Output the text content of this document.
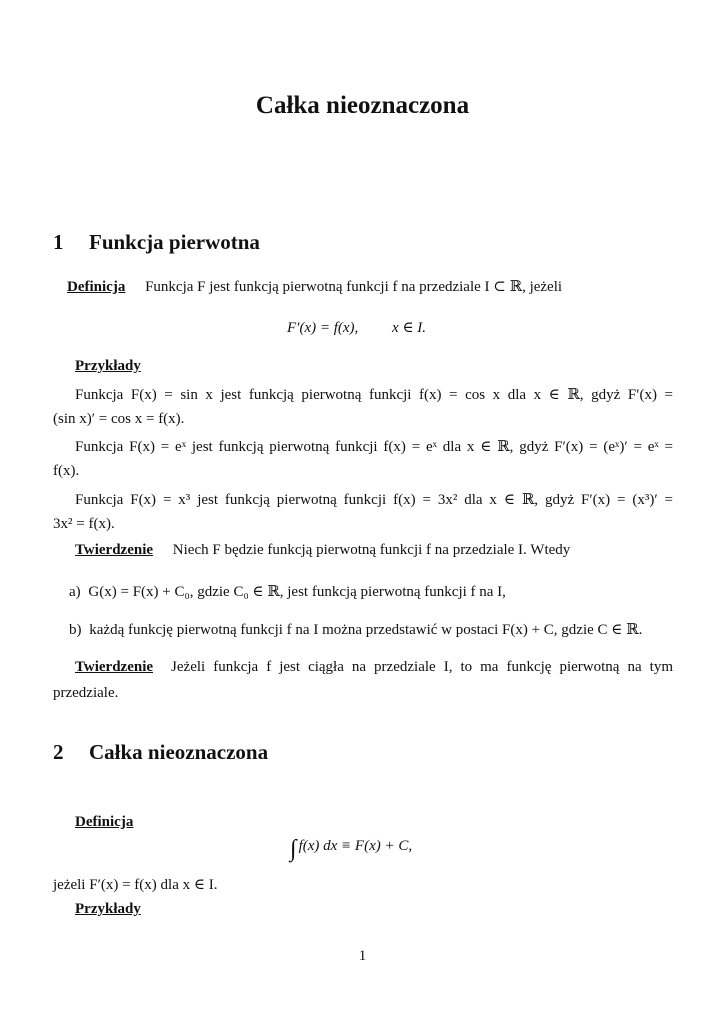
Całka nieoznaczona
1 Funkcja pierwotna
Definicja Funkcja F jest funkcją pierwotną funkcji f na przedziale I ⊂ ℝ, jeżeli
F′(x) = f(x), x ∈ I.
Przykłady
Funkcja F(x) = sin x jest funkcją pierwotną funkcji f(x) = cos x dla x ∈ ℝ, gdyż F′(x) =
(sin x)′ = cos x = f(x).
Funkcja F(x) = eˣ jest funkcją pierwotną funkcji f(x) = eˣ dla x ∈ ℝ, gdyż F′(x) = (eˣ)′ = eˣ =
f(x).
Funkcja F(x) = x³ jest funkcją pierwotną funkcji f(x) = 3x² dla x ∈ ℝ, gdyż F′(x) = (x³)′ =
3x² = f(x).
Twierdzenie Niech F będzie funkcją pierwotną funkcji f na przedziale I. Wtedy
a) G(x) = F(x) + C₀, gdzie C₀ ∈ ℝ, jest funkcją pierwotną funkcji f na I,
b) każdą funkcję pierwotną funkcji f na I można przedstawić w postaci F(x) + C, gdzie C ∈ ℝ.
Twierdzenie Jeżeli funkcja f jest ciągła na przedziale I, to ma funkcję pierwotną na tym
przedziale.
2 Całka nieoznaczona
Definicja
∫ f(x) dx ≡ F(x) + C,
jeżeli F′(x) = f(x) dla x ∈ I.
Przykłady
1
